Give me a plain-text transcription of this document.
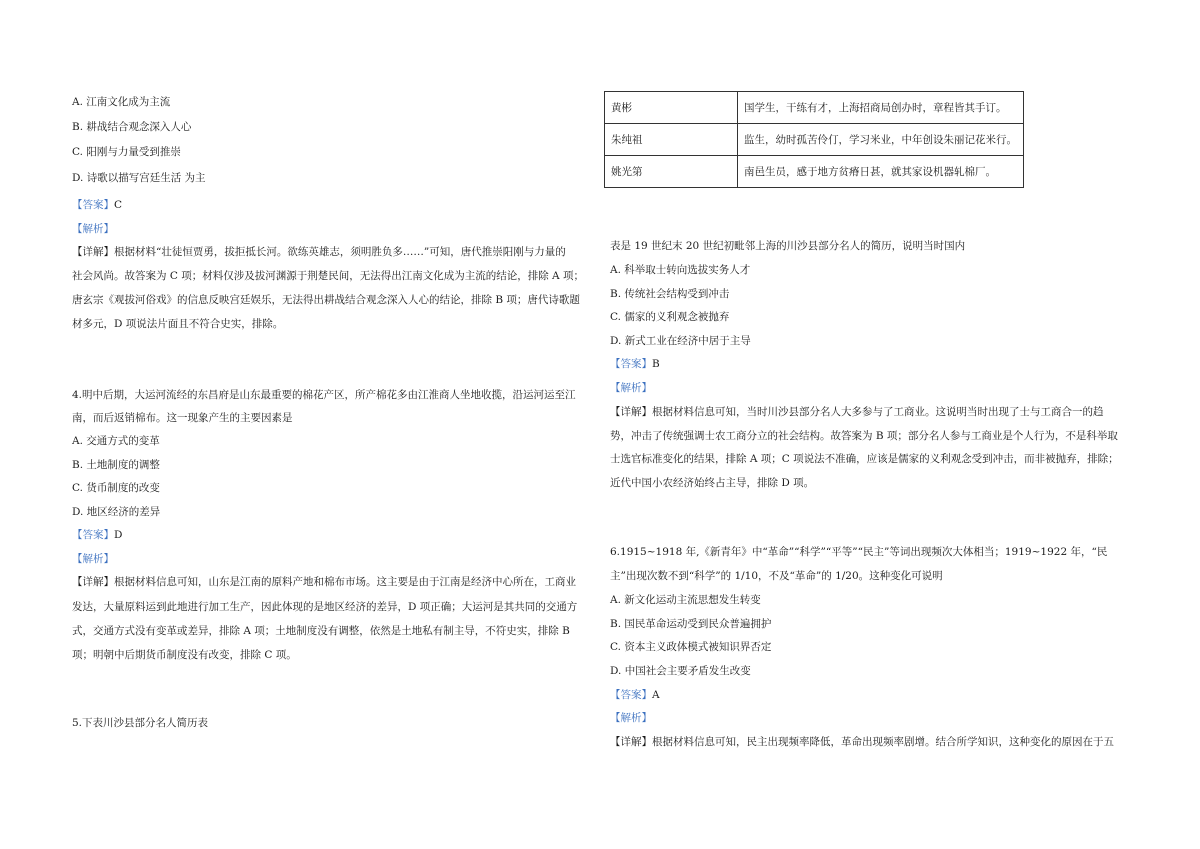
A. 江南文化成为主流
B. 耕战结合观念深入人心
C. 阳刚与力量受到推崇
D. 诗歌以描写宫廷生活 为主
【答案】C
【解析】
【详解】根据材料“壮徒恒贾勇，拔拒抵长河。欲练英雄志，须明胜负多……”可知，唐代推崇阳刚与力量的
社会风尚。故答案为 C 项；材料仅涉及拔河渊源于荆楚民间，无法得出江南文化成为主流的结论，排除 A 项；
唐玄宗《观拔河俗戏》的信息反映宫廷娱乐，无法得出耕战结合观念深入人心的结论，排除 B 项；唐代诗歌题
材多元，D 项说法片面且不符合史实，排除。
4.明中后期，大运河流经的东昌府是山东最重要的棉花产区，所产棉花多由江淮商人坐地收揽，沿运河运至江
南，而后返销棉布。这一现象产生的主要因素是
A. 交通方式的变革
B. 土地制度的调整
C. 货币制度的改变
D. 地区经济的差异
【答案】D
【解析】
【详解】根据材料信息可知，山东是江南的原料产地和棉布市场。这主要是由于江南是经济中心所在，工商业
发达，大量原料运到此地进行加工生产，因此体现的是地区经济的差异，D 项正确；大运河是其共同的交通方
式，交通方式没有变革或差异，排除 A 项；土地制度没有调整，依然是土地私有制主导，不符史实，排除 B
项；明朝中后期货币制度没有改变，排除 C 项。
5.下表川沙县部分名人简历表
黄彬	国学生，干练有才，上海招商局创办时，章程皆其手订。
朱纯祖	监生，幼时孤苦伶仃，学习米业，中年创设朱丽记花米行。
姚光第	南邑生员，感于地方贫瘠日甚，就其家设机器轧棉厂。
表是 19 世纪末 20 世纪初毗邻上海的川沙县部分名人的简历，说明当时国内
A. 科举取士转向选拔实务人才
B. 传统社会结构受到冲击
C. 儒家的义利观念被抛弃
D. 新式工业在经济中居于主导
【答案】B
【解析】
【详解】根据材料信息可知，当时川沙县部分名人大多参与了工商业。这说明当时出现了士与工商合一的趋
势，冲击了传统强调士农工商分立的社会结构。故答案为 B 项；部分名人参与工商业是个人行为，不是科举取
士选官标准变化的结果，排除 A 项；C 项说法不准确，应该是儒家的义利观念受到冲击，而非被抛弃，排除；
近代中国小农经济始终占主导，排除 D 项。
6.1915~1918 年,《新青年》中“革命”“科学”“平等”“民主”等词出现频次大体相当；1919~1922 年，“民
主”出现次数不到“科学”的 1/10，不及“革命”的 1/20。这种变化可说明
A. 新文化运动主流思想发生转变
B. 国民革命运动受到民众普遍拥护
C. 资本主义政体模式被知识界否定
D. 中国社会主要矛盾发生改变
【答案】A
【解析】
【详解】根据材料信息可知，民主出现频率降低，革命出现频率剧增。结合所学知识，这种变化的原因在于五
